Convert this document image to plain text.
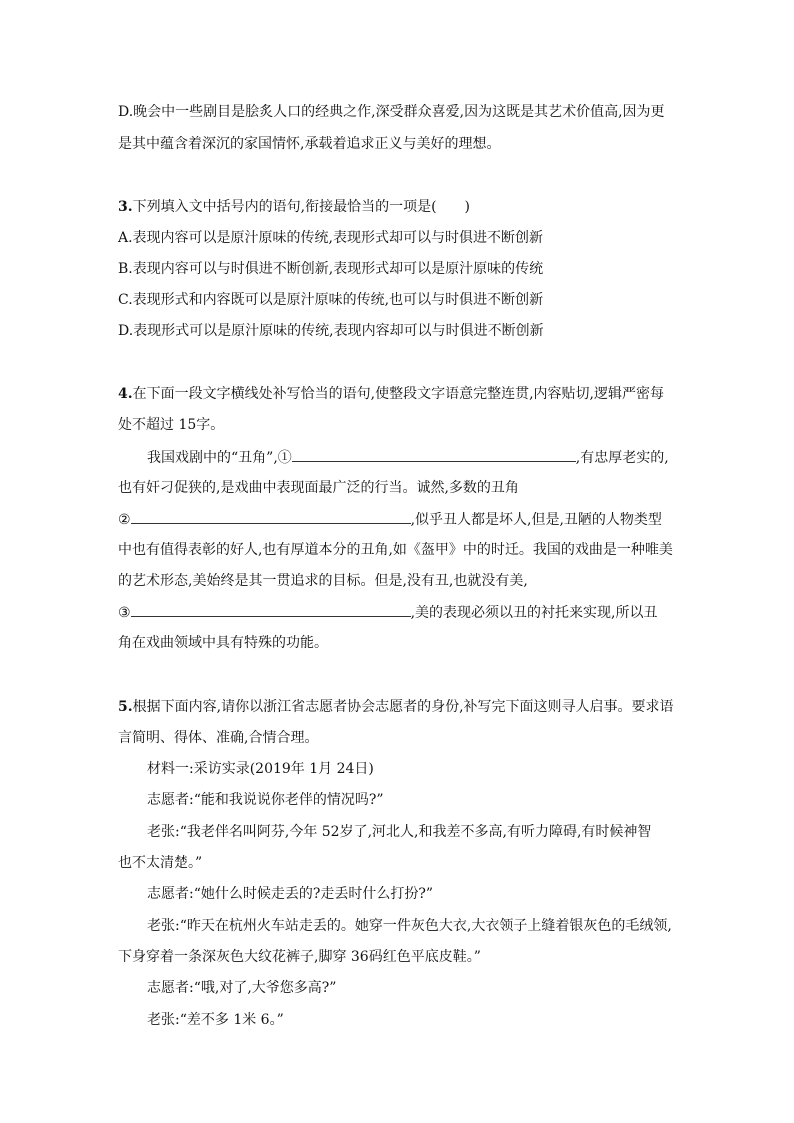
D.晚会中一些剧目是脍炙人口的经典之作,深受群众喜爱,因为这既是其艺术价值高,因为更
是其中蕴含着深沉的家国情怀,承载着追求正义与美好的理想。
3.下列填入文中括号内的语句,衔接最恰当的一项是(　　)
A.表现内容可以是原汁原味的传统,表现形式却可以与时俱进不断创新
B.表现内容可以与时俱进不断创新,表现形式却可以是原汁原味的传统
C.表现形式和内容既可以是原汁原味的传统,也可以与时俱进不断创新
D.表现形式可以是原汁原味的传统,表现内容却可以与时俱进不断创新
4.在下面一段文字横线处补写恰当的语句,使整段文字语意完整连贯,内容贴切,逻辑严密每
处不超过 15字。
我国戏剧中的“丑角”,①	,有忠厚老实的,
也有奸刁促狭的,是戏曲中表现面最广泛的行当。诚然,多数的丑角
②	,似乎丑人都是坏人,但是,丑陋的人物类型
中也有值得表彰的好人,也有厚道本分的丑角,如《盔甲》中的时迁。我国的戏曲是一种唯美
的艺术形态,美始终是其一贯追求的目标。但是,没有丑,也就没有美,
③	,美的表现必须以丑的衬托来实现,所以丑
角在戏曲领域中具有特殊的功能。
5.根据下面内容,请你以浙江省志愿者协会志愿者的身份,补写完下面这则寻人启事。要求语
言简明、得体、准确,合情合理。
材料一:采访实录(2019年 1月 24日)
志愿者:“能和我说说你老伴的情况吗?”
老张:“我老伴名叫阿芬,今年 52岁了,河北人,和我差不多高,有听力障碍,有时候神智
也不太清楚。”
志愿者:“她什么时候走丢的?走丢时什么打扮?”
老张:“昨天在杭州火车站走丢的。她穿一件灰色大衣,大衣领子上缝着银灰色的毛绒领,
下身穿着一条深灰色大纹花裤子,脚穿 36码红色平底皮鞋。”
志愿者:“哦,对了,大爷您多高?”
老张:“差不多 1米 6。”
